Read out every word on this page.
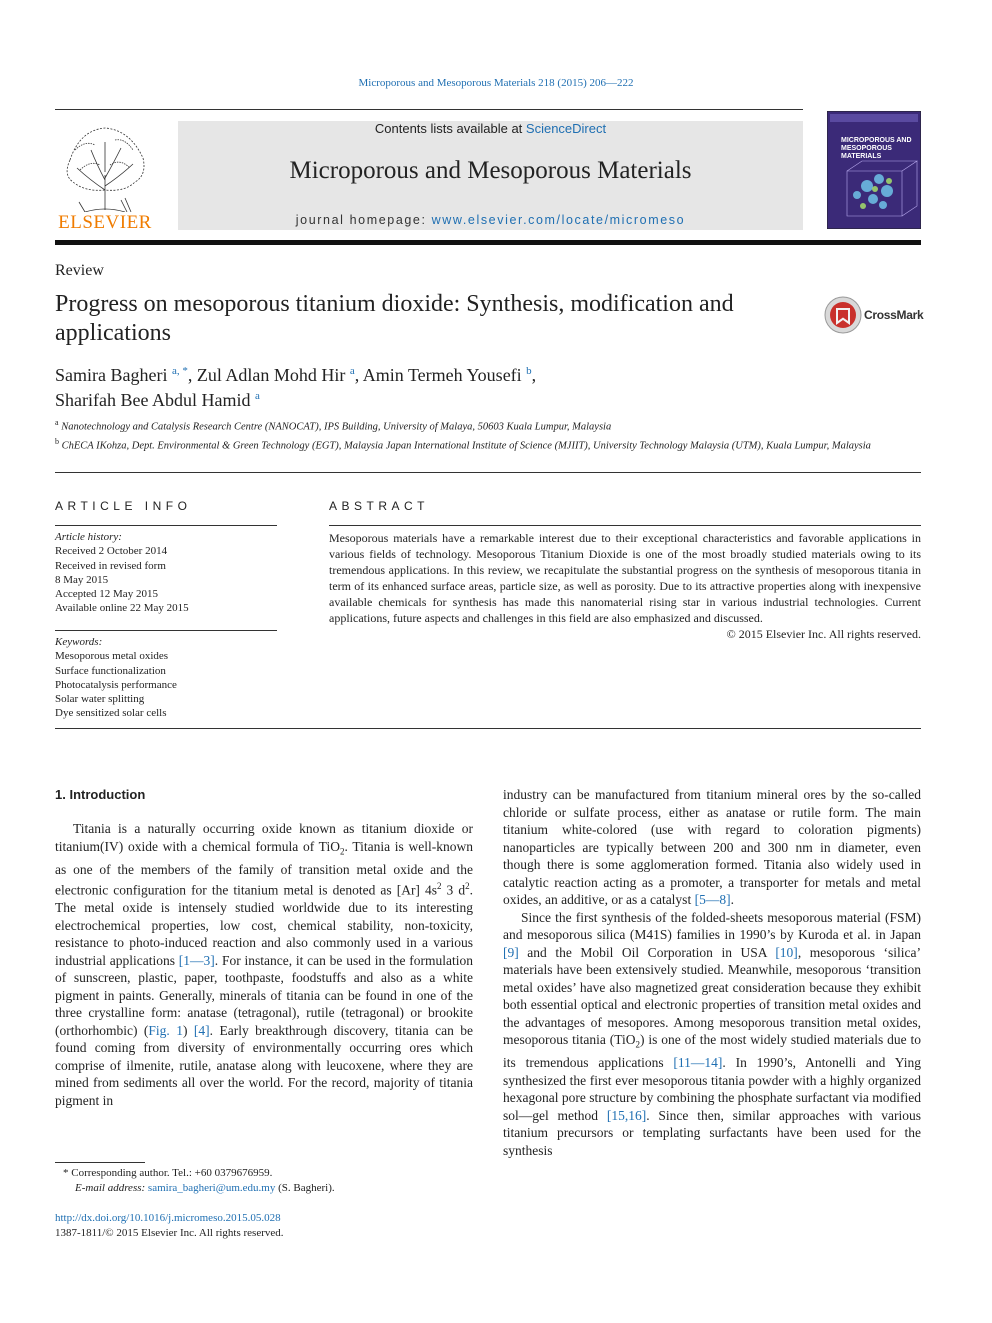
Microporous and Mesoporous Materials 218 (2015) 206—222
ELSEVIER
Contents lists available at ScienceDirect
Microporous and Mesoporous Materials
journal homepage: www.elsevier.com/locate/micromeso
MICROPOROUS AND MESOPOROUS MATERIALS
Review
Progress on mesoporous titanium dioxide: Synthesis, modification and applications
CrossMark
Samira Bagheri $^{a, *}$, Zul Adlan Mohd Hir $^a$, Amin Termeh Yousefi $^b$,
Sharifah Bee Abdul Hamid $^a$
$^a$ Nanotechnology and Catalysis Research Centre (NANOCAT), IPS Building, University of Malaya, 50603 Kuala Lumpur, Malaysia
$^b$ ChECA IKohza, Dept. Environmental & Green Technology (EGT), Malaysia Japan International Institute of Science (MJIIT), University Technology Malaysia (UTM), Kuala Lumpur, Malaysia
ARTICLE INFO
Article history:
Received 2 October 2014
Received in revised form
8 May 2015
Accepted 12 May 2015
Available online 22 May 2015
Keywords:
Mesoporous metal oxides
Surface functionalization
Photocatalysis performance
Solar water splitting
Dye sensitized solar cells
ABSTRACT
Mesoporous materials have a remarkable interest due to their exceptional characteristics and favorable applications in various fields of technology. Mesoporous Titanium Dioxide is one of the most broadly studied materials owing to its tremendous applications. In this review, we recapitulate the substantial progress on the synthesis of mesoporous titania in term of its enhanced surface areas, particle size, as well as porosity. Due to its attractive properties along with inexpensive available chemicals for synthesis has made this nanomaterial rising star in various industrial technologies. Current applications, future aspects and challenges in this field are also emphasized and discussed.
© 2015 Elsevier Inc. All rights reserved.
1. Introduction

Titania is a naturally occurring oxide known as titanium dioxide or titanium(IV) oxide with a chemical formula of TiO$_2$. Titania is well-known as one of the members of the family of transition metal oxide and the electronic configuration for the titanium metal is denoted as [Ar] $4s^2$ 3 $d^2$. The metal oxide is intensely studied worldwide due to its interesting electrochemical properties, low cost, chemical stability, non-toxicity, resistance to photo-induced reaction and also commonly used in a various industrial applications [1—3]. For instance, it can be used in the formulation of sunscreen, plastic, paper, toothpaste, foodstuffs and also as a white pigment in paints. Generally, minerals of titania can be found in one of the three crystalline form: anatase (tetragonal), rutile (tetragonal) or brookite (orthorhombic) (Fig. 1) [4]. Early breakthrough discovery, titania can be found coming from diversity of environmentally occurring ores which comprise of ilmenite, rutile, anatase along with leucoxene, where they are mined from sediments all over the world. For the record, majority of titania pigment in

industry can be manufactured from titanium mineral ores by the so-called chloride or sulfate process, either as anatase or rutile form. The main titanium white-colored (use with regard to coloration pigments) nanoparticles are typically between 200 and 300 nm in diameter, even though there is some agglomeration formed. Titania also widely used in catalytic reaction acting as a promoter, a transporter for metals and metal oxides, an additive, or as a catalyst [5—8].

Since the first synthesis of the folded-sheets mesoporous material (FSM) and mesoporous silica (M41S) families in 1990’s by Kuroda et al. in Japan [9] and the Mobil Oil Corporation in USA [10], mesoporous ‘silica’ materials have been extensively studied. Meanwhile, mesoporous ‘transition metal oxides’ have also magnetized great consideration because they exhibit both essential optical and electronic properties of transition metal oxides and the advantages of mesopores. Among mesoporous transition metal oxides, mesoporous titania (TiO$_2$) is one of the most widely studied materials due to its tremendous applications [11—14]. In 1990’s, Antonelli and Ying synthesized the first ever mesoporous titania powder with a highly organized hexagonal pore structure by combining the phosphate surfactant via modified sol—gel method [15,16]. Since then, similar approaches with various titanium precursors or templating surfactants have been used for the synthesis

* Corresponding author. Tel.: +60 0379676959.
E-mail address: samira_bagheri@um.edu.my (S. Bagheri).
http://dx.doi.org/10.1016/j.micromeso.2015.05.028
1387-1811/© 2015 Elsevier Inc. All rights reserved.
